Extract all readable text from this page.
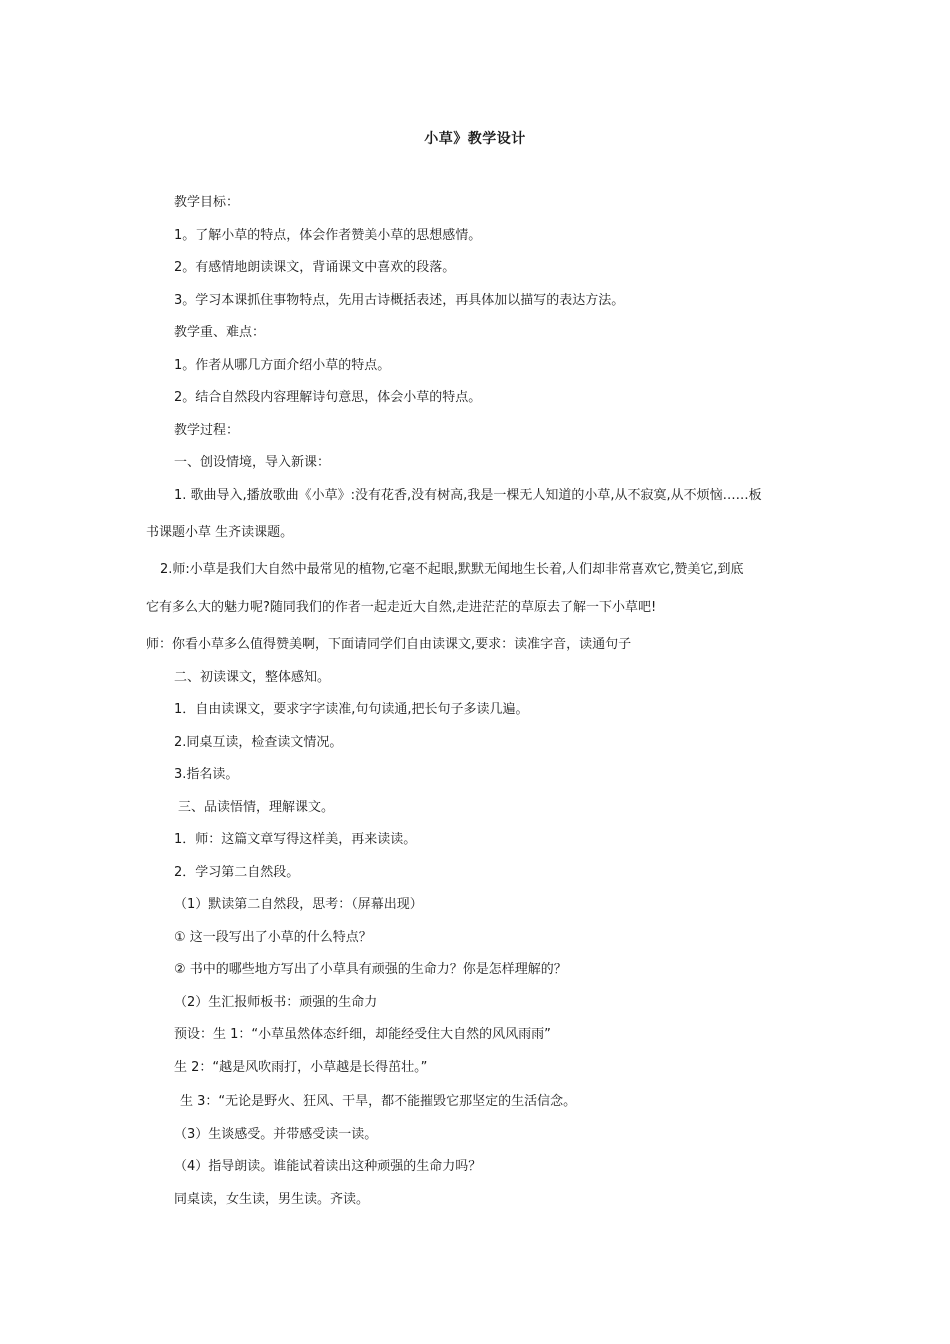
小草》教学设计
教学目标：
1。了解小草的特点，体会作者赞美小草的思想感情。
2。有感情地朗读课文，背诵课文中喜欢的段落。
3。学习本课抓住事物特点，先用古诗概括表述，再具体加以描写的表达方法。
教学重、难点：
1。作者从哪几方面介绍小草的特点。
2。结合自然段内容理解诗句意思，体会小草的特点。
教学过程：
一、创设情境，导入新课：
1. 歌曲导入,播放歌曲《小草》:没有花香,没有树高,我是一棵无人知道的小草,从不寂寞,从不烦恼……板
书课题小草 生齐读课题。
2.师:小草是我们大自然中最常见的植物,它毫不起眼,默默无闻地生长着,人们却非常喜欢它,赞美它,到底
它有多么大的魅力呢?随同我们的作者一起走近大自然,走进茫茫的草原去了解一下小草吧!
师：你看小草多么值得赞美啊，下面请同学们自由读课文,要求：读准字音，读通句子
二、初读课文，整体感知。
1．自由读课文，要求字字读准,句句读通,把长句子多读几遍。
2.同桌互读，检查读文情况。
3.指名读。
三、品读悟情，理解课文。
1．师：这篇文章写得这样美，再来读读。
2．学习第二自然段。
（1）默读第二自然段，思考：（屏幕出现）
① 这一段写出了小草的什么特点？
② 书中的哪些地方写出了小草具有顽强的生命力？你是怎样理解的？
（2）生汇报师板书：顽强的生命力
预设：生 1：“小草虽然体态纤细，却能经受住大自然的风风雨雨”
生 2：“越是风吹雨打，小草越是长得茁壮。”
生 3：“无论是野火、狂风、干旱，都不能摧毁它那坚定的生活信念。
（3）生谈感受。并带感受读一读。
（4）指导朗读。谁能试着读出这种顽强的生命力吗？
同桌读，女生读，男生读。齐读。
